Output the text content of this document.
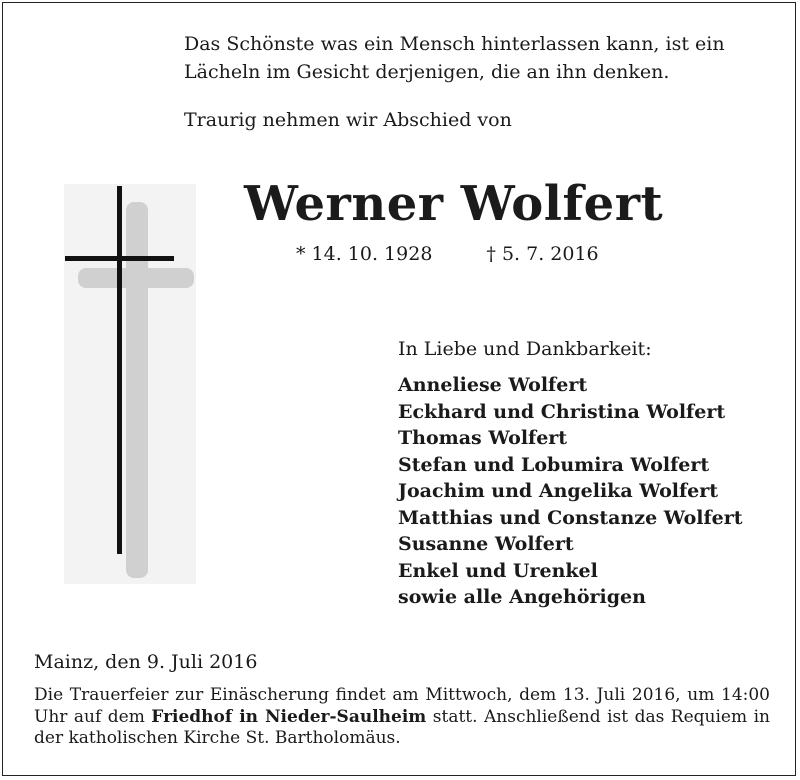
Das Schönste was ein Mensch hinterlassen kann, ist ein
Lächeln im Gesicht derjenigen, die an ihn denken.
Traurig nehmen wir Abschied von
Werner Wolfert
* 14. 10. 1928	† 5. 7. 2016
In Liebe und Dankbarkeit:
Anneliese Wolfert
Eckhard und Christina Wolfert
Thomas Wolfert
Stefan und Lobumira Wolfert
Joachim und Angelika Wolfert
Matthias und Constanze Wolfert
Susanne Wolfert
Enkel und Urenkel
sowie alle Angehörigen
Mainz, den 9. Juli 2016
Die Trauerfeier zur Einäscherung findet am Mittwoch, dem 13. Juli 2016, um 14:00 Uhr auf dem Friedhof in Nieder-Saulheim statt. Anschließend ist das Requiem in der katholischen Kirche St. Bartholomäus.
